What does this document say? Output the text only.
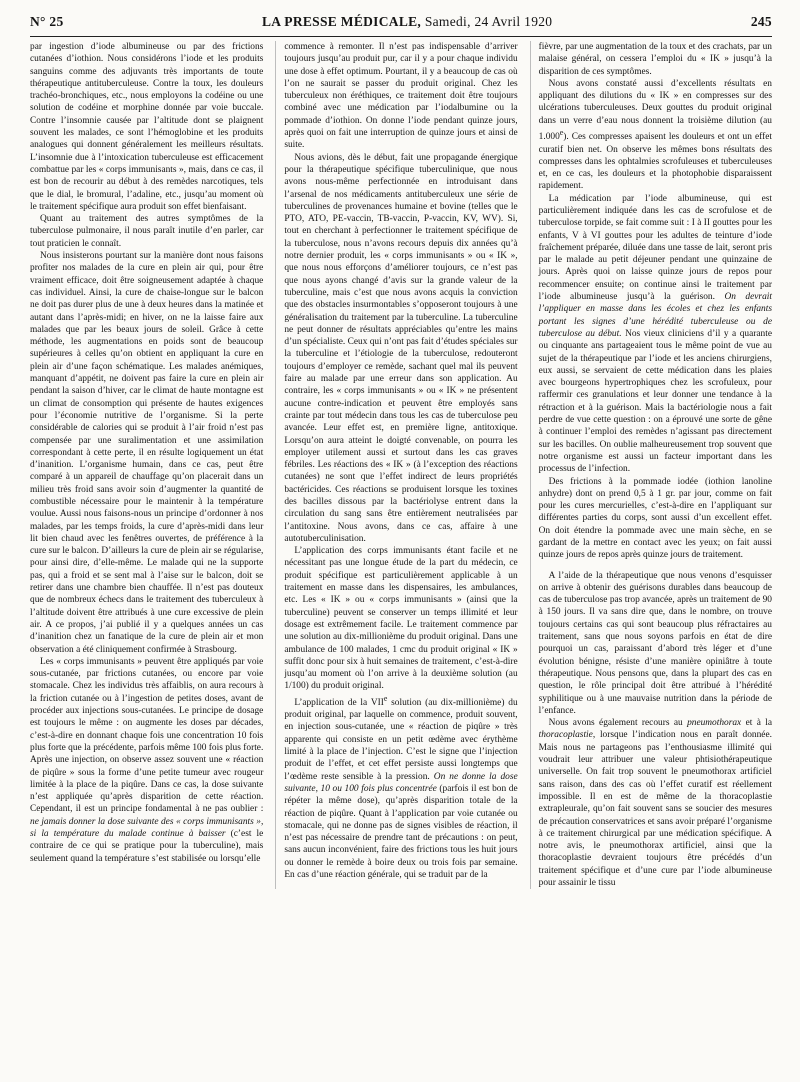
N° 25	LA PRESSE MÉDICALE, Samedi, 24 Avril 1920	245

par ingestion d’iode albumineuse ou par des frictions cutanées d’iothion. Nous considérons l’iode et les produits sanguins comme des adjuvants très importants de toute thérapeutique antituberculeuse. Contre la toux, les douleurs trachéo-bronchiques, etc., nous employons la codéine ou une solution de codéine et morphine donnée par voie buccale. Contre l’insomnie causée par l’altitude dont se plaignent souvent les malades, ce sont l’hémoglobine et les produits analogues qui donnent généralement les meilleurs résultats. L’insomnie due à l’intoxication tuberculeuse est efficacement combattue par les « corps immunisants », mais, dans ce cas, il est bon de recourir au début à des remèdes narcotiques, tels que le dial, le bromural, l’adaline, etc., jusqu’au moment où le traitement spécifique aura produit son effet bienfaisant.

Quant au traitement des autres symptômes de la tuberculose pulmonaire, il nous paraît inutile d’en parler, car tout praticien le connaît.

Nous insisterons pourtant sur la manière dont nous faisons profiter nos malades de la cure en plein air qui, pour être vraiment efficace, doit être soigneusement adaptée à chaque cas individuel. Ainsi, la cure de chaise-longue sur le balcon ne doit pas durer plus de une à deux heures dans la matinée et autant dans l’après-midi; en hiver, on ne la laisse faire aux malades que par les beaux jours de soleil. Grâce à cette méthode, les augmentations en poids sont de beaucoup supérieures à celles qu’on obtient en appliquant la cure en plein air d’une façon schématique. Les malades anémiques, manquant d’appétit, ne doivent pas faire la cure en plein air pendant la saison d’hiver, car le climat de haute montagne est un climat de consomption qui présente de hautes exigences pour l’économie nutritive de l’organisme. Si la perte considérable de calories qui se produit à l’air froid n’est pas compensée par une suralimentation et une assimilation correspondant à cette perte, il en résulte logiquement un état d’inanition. L’organisme humain, dans ce cas, peut être comparé à un appareil de chauffage qu’on placerait dans un milieu très froid sans avoir soin d’augmenter la quantité de combustible nécessaire pour le maintenir à la température voulue. Aussi nous faisons-nous un principe d’ordonner à nos malades, par les temps froids, la cure d’après-midi dans leur lit bien chaud avec les fenêtres ouvertes, de préférence à la cure sur le balcon. D’ailleurs la cure de plein air se régularise, pour ainsi dire, d’elle-même. Le malade qui ne la supporte pas, qui a froid et se sent mal à l’aise sur le balcon, doit se retirer dans une chambre bien chauffée. Il n’est pas douteux que de nombreux échecs dans le traitement des tuberculeux à l’altitude doivent être attribués à une cure excessive de plein air. A ce propos, j’ai publié il y a quelques années un cas d’inanition chez un fanatique de la cure de plein air et mon observation a été cliniquement confirmée à Strasbourg.

Les « corps immunisants » peuvent être appliqués par voie sous-cutanée, par frictions cutanées, ou encore par voie stomacale. Chez les individus très affaiblis, on aura recours à la friction cutanée ou à l’ingestion de petites doses, avant de procéder aux injections sous-cutanées. Le principe de dosage est toujours le même : on augmente les doses par décades, c’est-à-dire en donnant chaque fois une concentration 10 fois plus forte que la précédente, parfois même 100 fois plus forte. Après une injection, on observe assez souvent une « réaction de piqûre » sous la forme d’une petite tumeur avec rougeur limitée à la place de la piqûre. Dans ce cas, la dose suivante n’est appliquée qu’après disparition de cette réaction. Cependant, il est un principe fondamental à ne pas oublier : ne jamais donner la dose suivante des « corps immunisants », si la température du malade continue à baisser (c’est le contraire de ce qui se pratique pour la tuberculine), mais seulement quand la température s’est stabilisée ou lorsqu’elle

commence à remonter. Il n’est pas indispensable d’arriver toujours jusqu’au produit pur, car il y a pour chaque individu une dose à effet optimum. Pourtant, il y a beaucoup de cas où l’on ne saurait se passer du produit original. Chez les tuberculeux non éréthiques, ce traitement doit être toujours combiné avec une médication par l’iodalbumine ou la pommade d’iothion. On donne l’iode pendant quinze jours, après quoi on fait une interruption de quinze jours et ainsi de suite.

Nous avions, dès le début, fait une propagande énergique pour la thérapeutique spécifique tuberculinique, que nous avons nous-même perfectionnée en introduisant dans l’arsenal de nos médicaments antituberculeux une série de tuberculines de provenances humaine et bovine (telles que le PTO, ATO, PE-vaccin, TB-vaccin, P-vaccin, KV, WV). Si, tout en cherchant à perfectionner le traitement spécifique de la tuberculose, nous n’avons recours depuis dix années qu’à notre dernier produit, les « corps immunisants » ou « IK », que nous nous efforçons d’améliorer toujours, ce n’est pas que nous ayons changé d’avis sur la grande valeur de la tuberculine, mais c’est que nous avons acquis la conviction que des obstacles insurmontables s’opposeront toujours à une généralisation du traitement par la tuberculine. La tuberculine ne peut donner de résultats appréciables qu’entre les mains d’un spécialiste. Ceux qui n’ont pas fait d’études spéciales sur la tuberculine et l’étiologie de la tuberculose, redouteront toujours d’employer ce remède, sachant quel mal ils peuvent faire au malade par une erreur dans son application. Au contraire, les « corps immunisants » ou « IK » ne présentent aucune contre-indication et peuvent être employés sans crainte par tout médecin dans tous les cas de tuberculose peu avancée. Leur effet est, en première ligne, antitoxique. Lorsqu’on aura atteint le doigté convenable, on pourra les employer utilement aussi et surtout dans les cas graves fébriles. Les réactions des « IK » (à l’exception des réactions cutanées) ne sont que l’effet indirect de leurs propriétés bactéricides. Ces réactions se produisent lorsque les toxines des bacilles dissous par la bactériolyse entrent dans la circulation du sang sans être entièrement neutralisées par l’antitoxine. Nous avons, dans ce cas, affaire à une autotuberculinisation.

L’application des corps immunisants étant facile et ne nécessitant pas une longue étude de la part du médecin, ce produit spécifique est particulièrement applicable à un traitement en masse dans les dispensaires, les ambulances, etc. Les « IK » ou « corps immunisants » (ainsi que la tuberculine) peuvent se conserver un temps illimité et leur dosage est extrêmement facile. Le traitement commence par une solution au dix-millionième du produit original. Dans une ambulance de 100 malades, 1 cmc du produit original « IK » suffit donc pour six à huit semaines de traitement, c’est-à-dire jusqu’au moment où l’on arrive à la deuxième solution (au 1/100) du produit original.

L’application de la VIIe solution (au dix-millionième) du produit original, par laquelle on commence, produit souvent, en injection sous-cutanée, une « réaction de piqûre » très apparente qui consiste en un petit œdème avec érythème limité à la place de l’injection. C’est le signe que l’injection produit de l’effet, et cet effet persiste aussi longtemps que l’œdème reste sensible à la pression. On ne donne la dose suivante, 10 ou 100 fois plus concentrée (parfois il est bon de répéter la même dose), qu’après disparition totale de la réaction de piqûre. Quant à l’application par voie cutanée ou stomacale, qui ne donne pas de signes visibles de réaction, il n’est pas nécessaire de prendre tant de précautions : on peut, sans aucun inconvénient, faire des frictions tous les huit jours ou donner le remède à boire deux ou trois fois par semaine. En cas d’une réaction générale, qui se traduit par de la

fièvre, par une augmentation de la toux et des crachats, par un malaise général, on cessera l’emploi du « IK » jusqu’à la disparition de ces symptômes.

Nous avons constaté aussi d’excellents résultats en appliquant des dilutions du « IK » en compresses sur des ulcérations tuberculeuses. Deux gouttes du produit original dans un verre d’eau nous donnent la troisième dilution (au 1.000e). Ces compresses apaisent les douleurs et ont un effet curatif bien net. On observe les mêmes bons résultats des compresses dans les ophtalmies scrofuleuses et tuberculeuses et, en ce cas, les douleurs et la photophobie disparaissent rapidement.

La médication par l’iode albumineuse, qui est particulièrement indiquée dans les cas de scrofulose et de tuberculose torpide, se fait comme suit : I à II gouttes pour les enfants, V à VI gouttes pour les adultes de teinture d’iode fraîchement préparée, diluée dans une tasse de lait, seront pris par le malade au petit déjeuner pendant une quinzaine de jours. Après quoi on laisse quinze jours de repos pour recommencer ensuite; on continue ainsi le traitement par l’iode albumineuse jusqu’à la guérison. On devrait l’appliquer en masse dans les écoles et chez les enfants portant les signes d’une hérédité tuberculeuse ou de tuberculose au début. Nos vieux cliniciens d’il y a quarante ou cinquante ans partageaient tous le même point de vue au sujet de la thérapeutique par l’iode et les anciens chirurgiens, eux aussi, se servaient de cette médication dans les plaies avec bourgeons hypertrophiques chez les scrofuleux, pour raffermir ces granulations et leur donner une tendance à la rétraction et à la guérison. Mais la bactériologie nous a fait perdre de vue cette question : on a éprouvé une sorte de gêne à continuer l’emploi des remèdes n’agissant pas directement sur les bacilles. On oublie malheureusement trop souvent que notre organisme est aussi un facteur important dans les processus de l’infection.

Des frictions à la pommade iodée (iothion lanoline anhydre) dont on prend 0,5 à 1 gr. par jour, comme on fait pour les cures mercurielles, c’est-à-dire en l’appliquant sur différentes parties du corps, sont aussi d’un excellent effet. On doit étendre la pommade avec une main sèche, en se gardant de la mettre en contact avec les yeux; on fait aussi quinze jours de repos après quinze jours de traitement.

A l’aide de la thérapeutique que nous venons d’esquisser on arrive à obtenir des guérisons durables dans beaucoup de cas de tuberculose pas trop avancée, après un traitement de 90 à 150 jours. Il va sans dire que, dans le nombre, on trouve toujours certains cas qui sont beaucoup plus réfractaires au traitement, sans que nous soyons parfois en état de dire pourquoi un cas, paraissant d’abord très léger et d’une évolution bénigne, résiste d’une manière opiniâtre à toute thérapeutique. Nous pensons que, dans la plupart des cas en question, le rôle principal doit être attribué à l’hérédité syphilitique ou à une mauvaise nutrition dans la période de l’enfance.

Nous avons également recours au pneumothorax et à la thoracoplastie, lorsque l’indication nous en paraît donnée. Mais nous ne partageons pas l’enthousiasme illimité qui voudrait leur attribuer une valeur phtisiothérapeutique universelle. On fait trop souvent le pneumothorax artificiel sans raison, dans des cas où l’effet curatif est réellement impossible. Il en est de même de la thoracoplastie extrapleurale, qu’on fait souvent sans se soucier des mesures de précaution conservatrices et sans avoir préparé l’organisme à ce traitement chirurgical par une médication spécifique. A notre avis, le pneumothorax artificiel, ainsi que la thoracoplastie devraient toujours être précédés d’un traitement spécifique et d’une cure par l’iode albumineuse pour assainir le tissu
